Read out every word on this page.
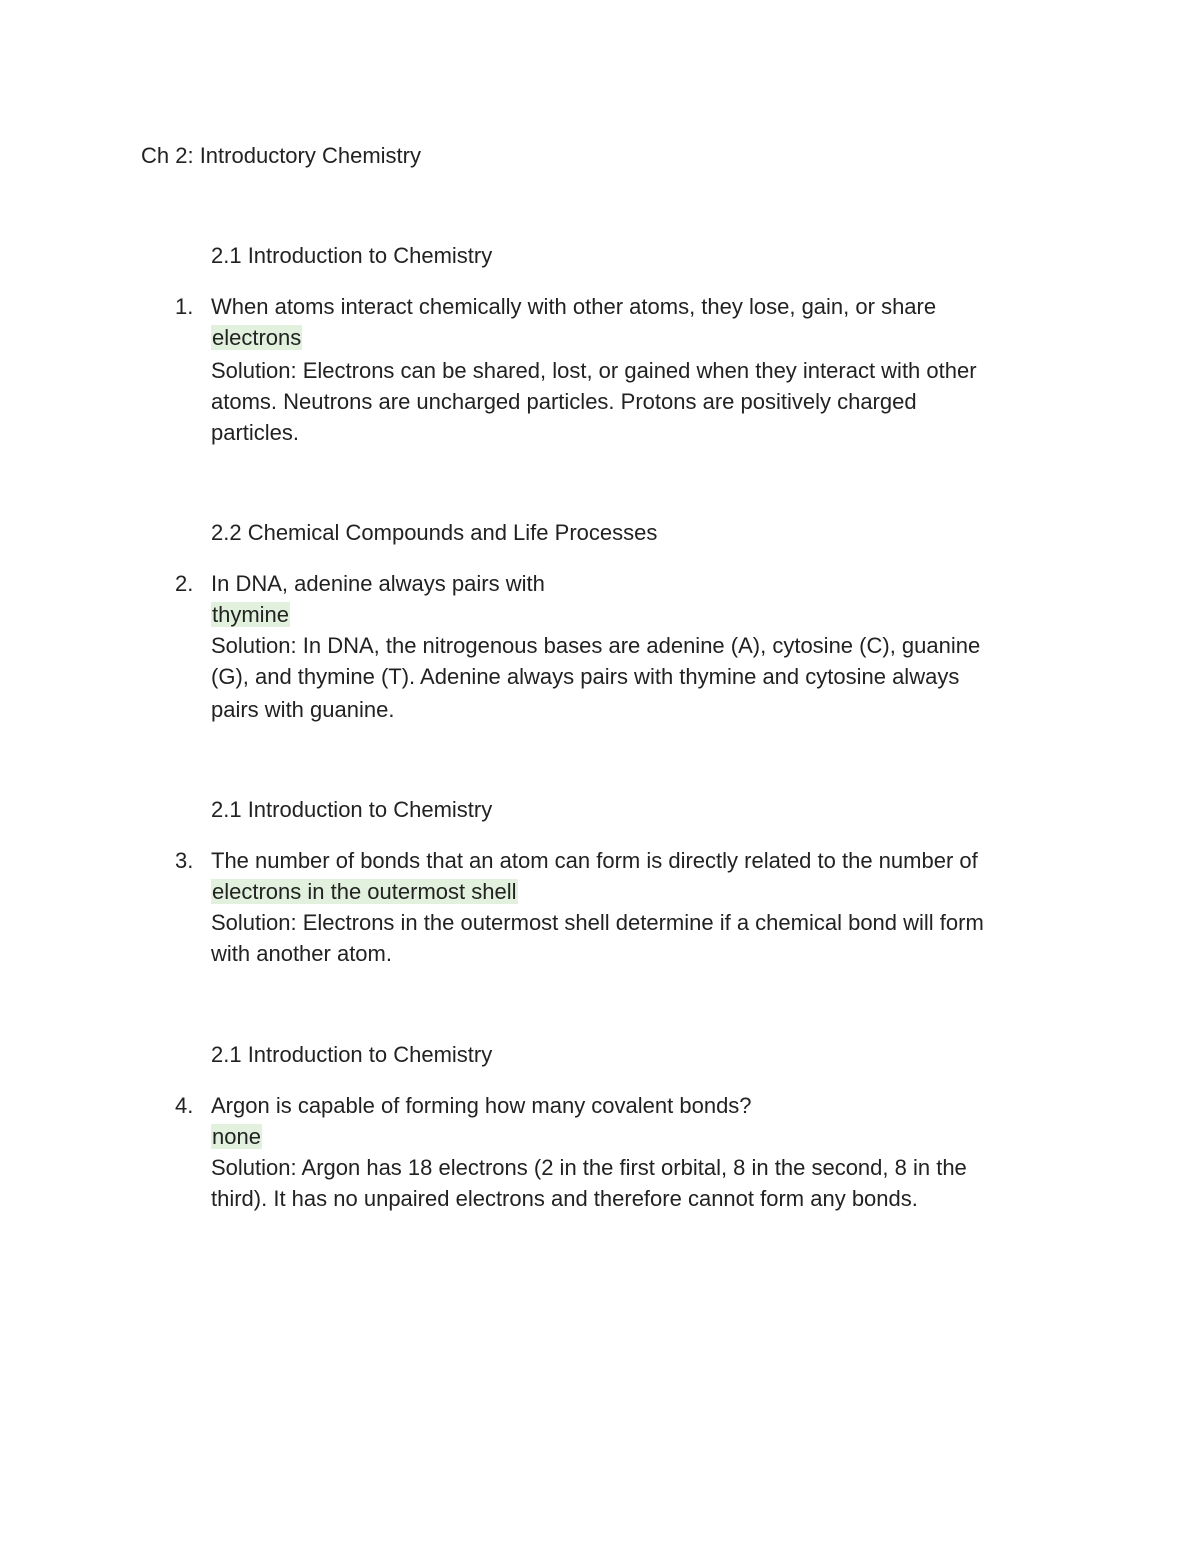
Ch 2: Introductory Chemistry
2.1 Introduction to Chemistry
1. When atoms interact chemically with other atoms, they lose, gain, or share
electrons
Solution: Electrons can be shared, lost, or gained when they interact with other
atoms. Neutrons are uncharged particles. Protons are positively charged
particles.
2.2 Chemical Compounds and Life Processes
2. In DNA, adenine always pairs with
thymine
Solution: In DNA, the nitrogenous bases are adenine (A), cytosine (C), guanine
(G), and thymine (T). Adenine always pairs with thymine and cytosine always
pairs with guanine.
2.1 Introduction to Chemistry
3. The number of bonds that an atom can form is directly related to the number of
electrons in the outermost shell
Solution: Electrons in the outermost shell determine if a chemical bond will form
with another atom.
2.1 Introduction to Chemistry
4. Argon is capable of forming how many covalent bonds?
none
Solution: Argon has 18 electrons (2 in the first orbital, 8 in the second, 8 in the
third). It has no unpaired electrons and therefore cannot form any bonds.
